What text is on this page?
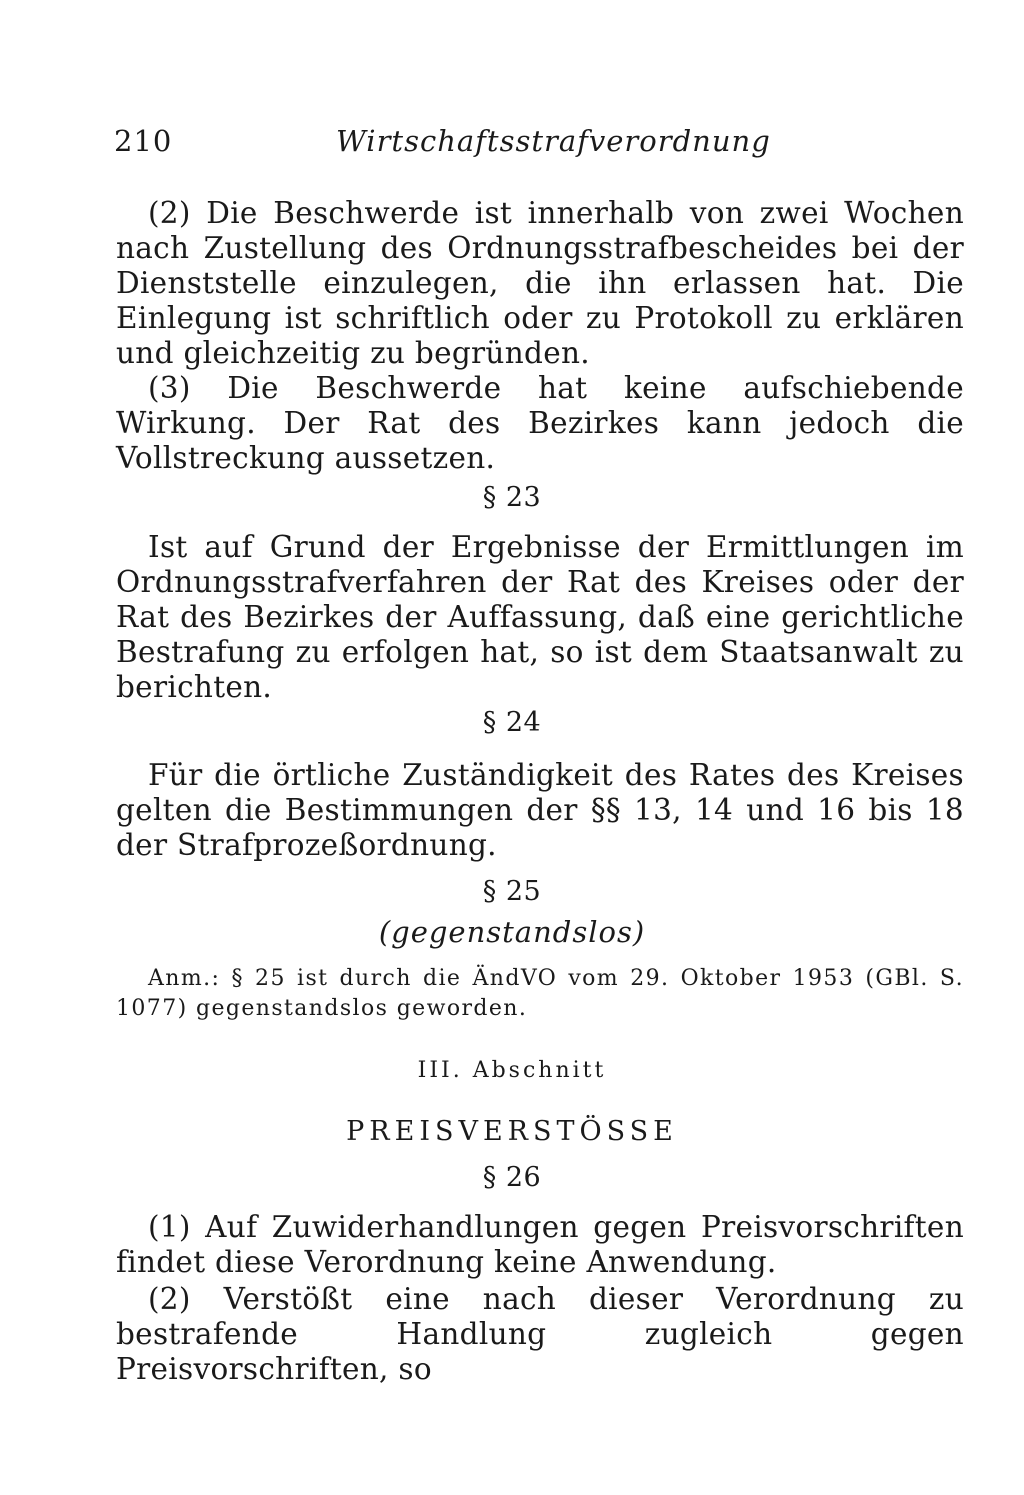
210	Wirtschaftsstrafverordnung

(2) Die Beschwerde ist innerhalb von zwei Wochen nach Zustellung des Ordnungsstrafbescheides bei der Dienststelle einzulegen, die ihn erlassen hat. Die Einlegung ist schriftlich oder zu Protokoll zu erklären und gleichzeitig zu begründen.

(3) Die Beschwerde hat keine aufschiebende Wirkung. Der Rat des Bezirkes kann jedoch die Vollstreckung aussetzen.

§ 23

Ist auf Grund der Ergebnisse der Ermittlungen im Ordnungsstrafverfahren der Rat des Kreises oder der Rat des Bezirkes der Auffassung, daß eine gerichtliche Bestrafung zu erfolgen hat, so ist dem Staatsanwalt zu berichten.

§ 24

Für die örtliche Zuständigkeit des Rates des Kreises gelten die Bestimmungen der §§ 13, 14 und 16 bis 18 der Strafprozeßordnung.

§ 25
(gegenstandslos)

Anm.: § 25 ist durch die ÄndVO vom 29. Oktober 1953 (GBl. S. 1077) gegenstandslos geworden.

III. Abschnitt
PREISVERSTÖSSE
§ 26

(1) Auf Zuwiderhandlungen gegen Preisvorschriften findet diese Verordnung keine Anwendung.

(2) Verstößt eine nach dieser Verordnung zu bestrafende Handlung zugleich gegen Preisvorschriften, so
